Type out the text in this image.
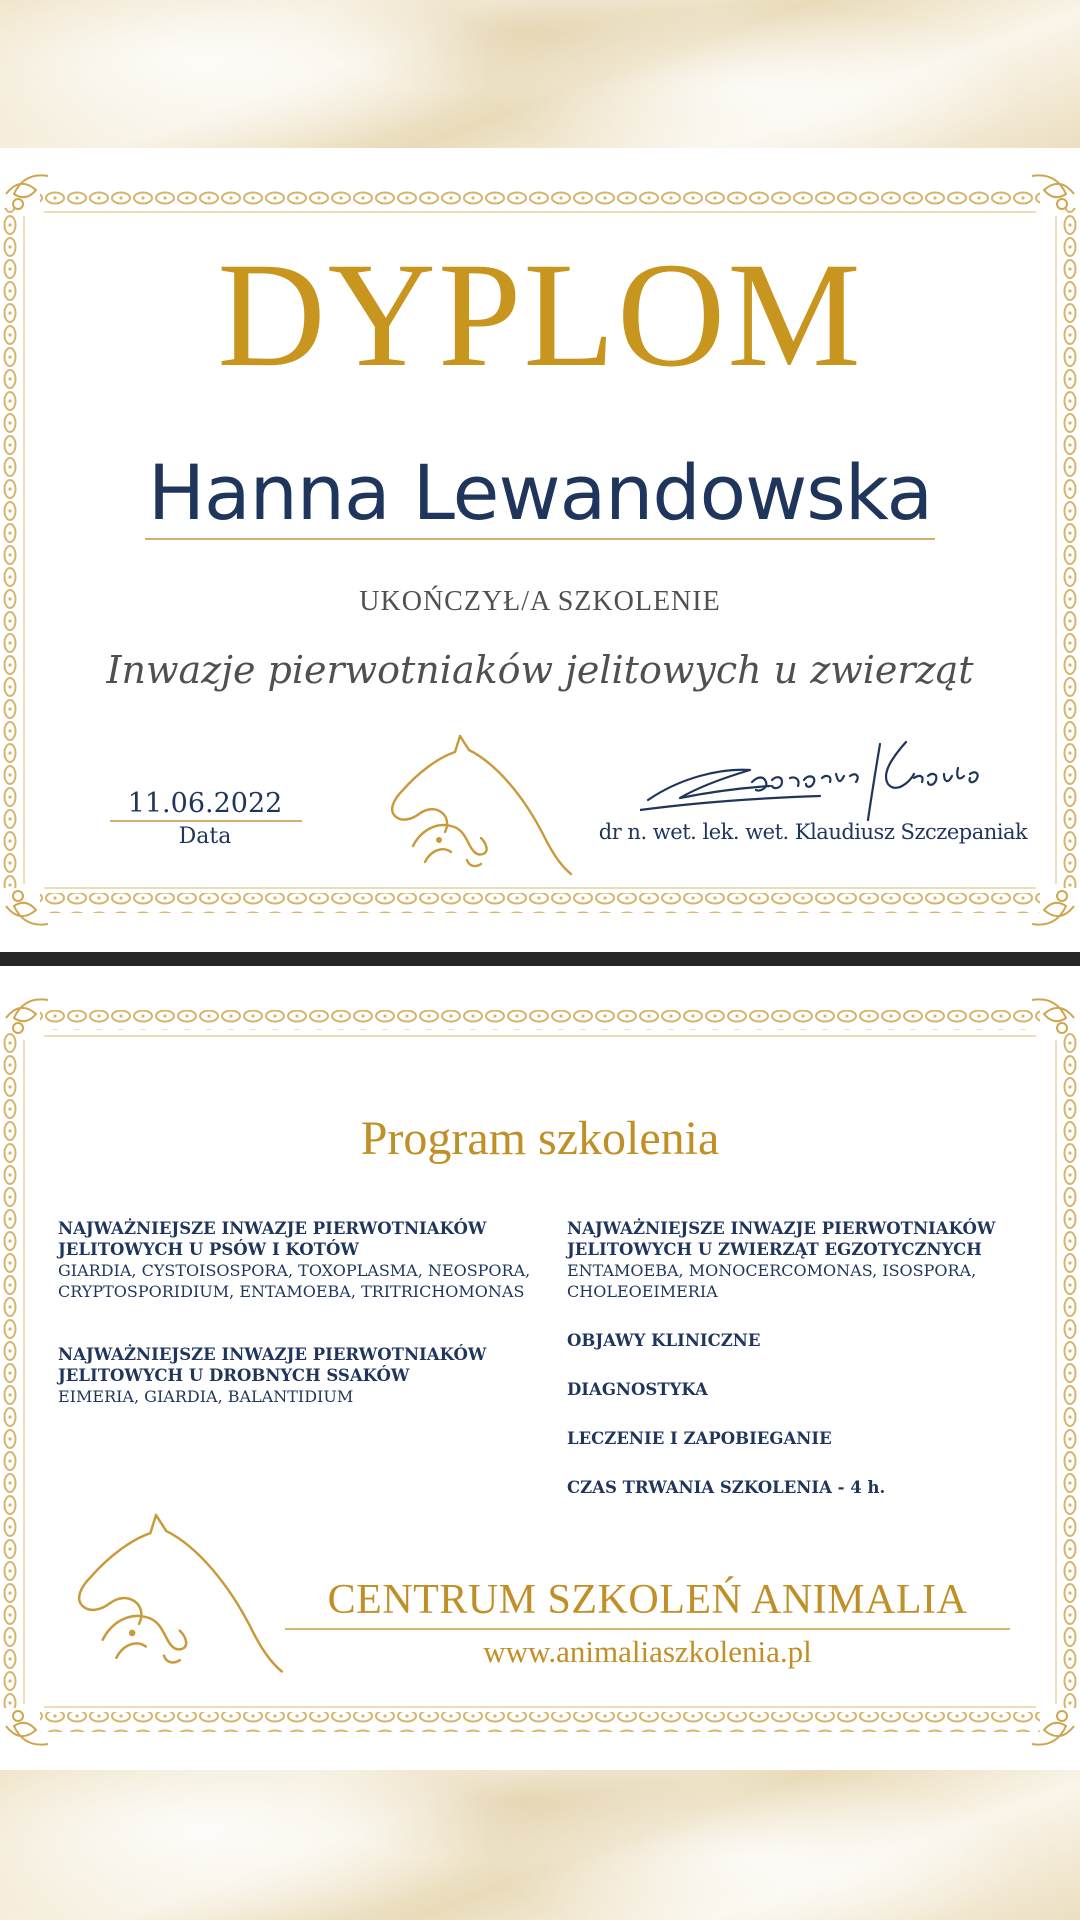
DYPLOM
Hanna Lewandowska
UKOŃCZYŁ/A SZKOLENIE
Inwazje pierwotniaków jelitowych u zwierząt
11.06.2022
Data	dr n. wet. lek. wet. Klaudiusz Szczepaniak
Program szkolenia
NAJWAŻNIEJSZE INWAZJE PIERWOTNIAKÓW JELITOWYCH U PSÓW I KOTÓW
GIARDIA, CYSTOISOSPORA, TOXOPLASMA, NEOSPORA, CRYPTOSPORIDIUM, ENTAMOEBA, TRITRICHOMONAS
NAJWAŻNIEJSZE INWAZJE PIERWOTNIAKÓW JELITOWYCH U DROBNYCH SSAKÓW
EIMERIA, GIARDIA, BALANTIDIUM
NAJWAŻNIEJSZE INWAZJE PIERWOTNIAKÓW JELITOWYCH U ZWIERZĄT EGZOTYCZNYCH
ENTAMOEBA, MONOCERCOMONAS, ISOSPORA, CHOLEOEIMERIA
OBJAWY KLINICZNE
DIAGNOSTYKA
LECZENIE I ZAPOBIEGANIE
CZAS TRWANIA SZKOLENIA - 4 h.
CENTRUM SZKOLEŃ ANIMALIA
www.animaliaszkolenia.pl
